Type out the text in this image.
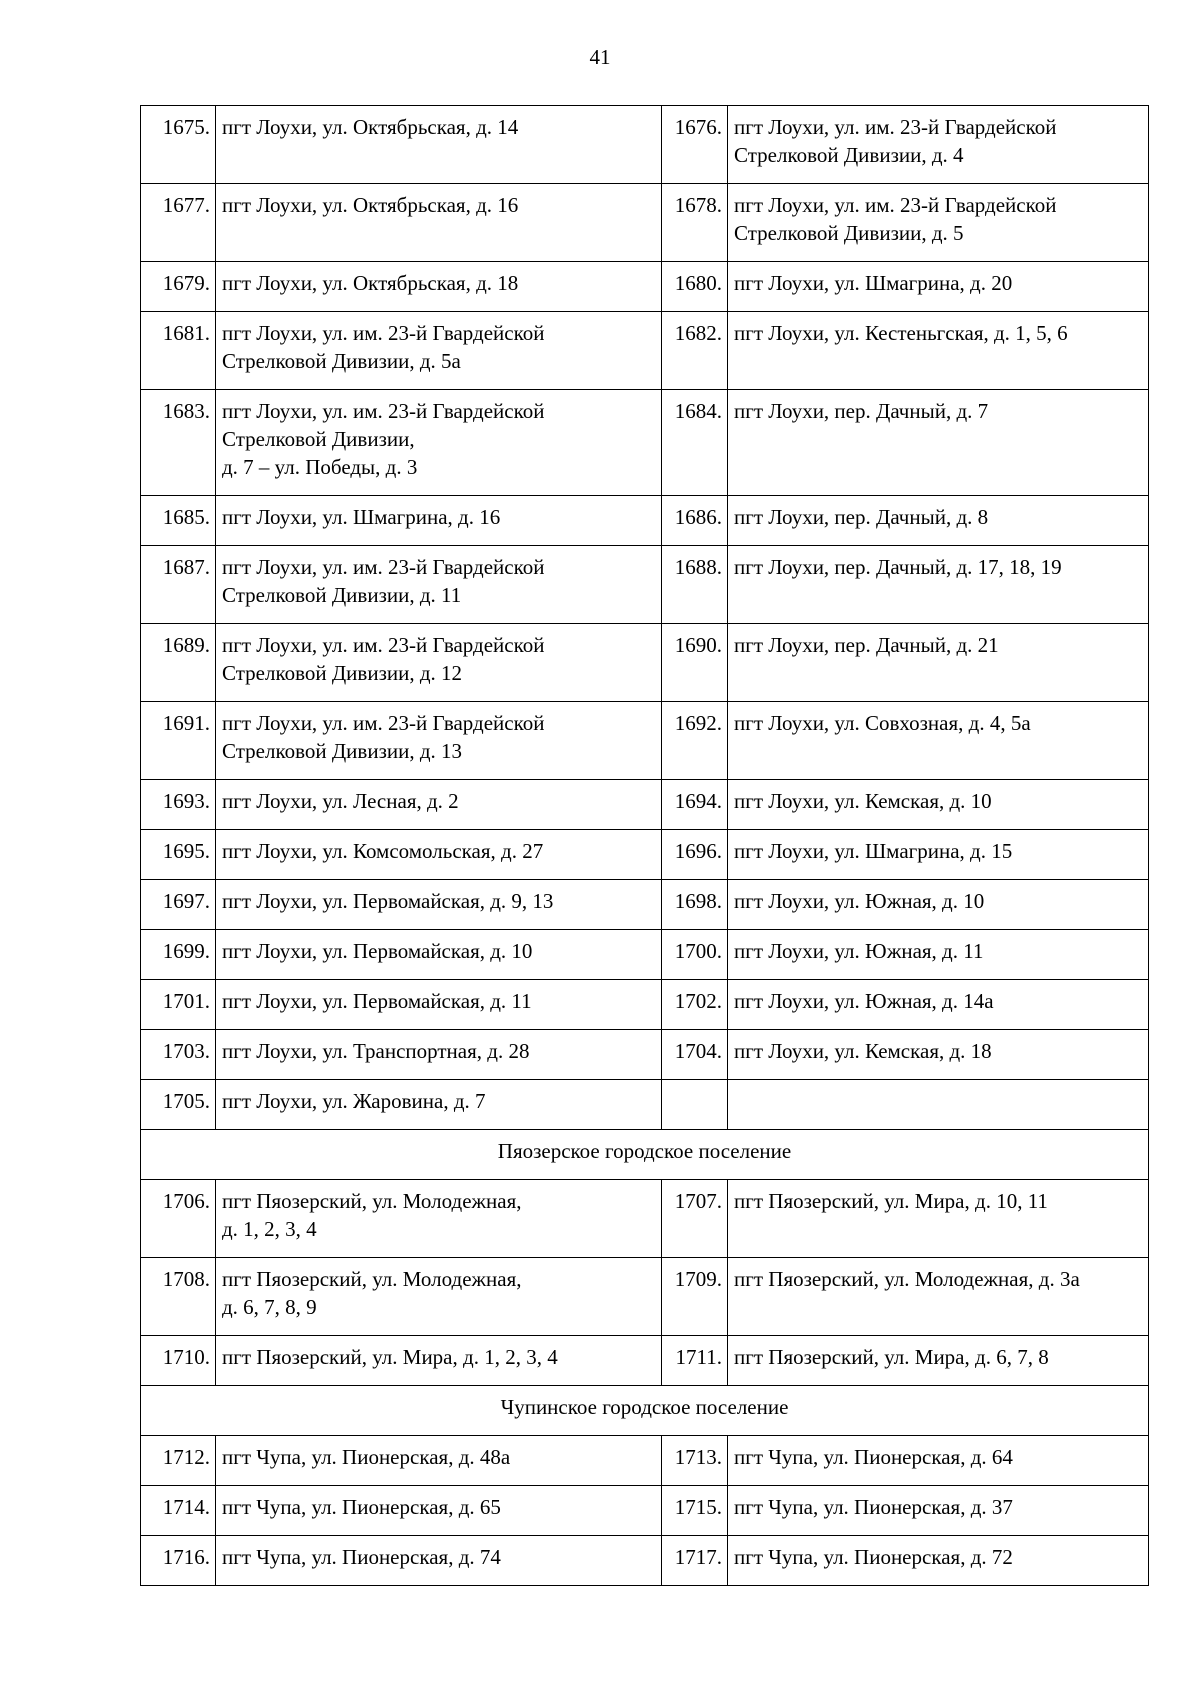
41
1675.	пгт Лоухи, ул. Октябрьская, д. 14	1676.	пгт Лоухи, ул. им. 23-й Гвардейской
Стрелковой Дивизии, д. 4
1677.	пгт Лоухи, ул. Октябрьская, д. 16	1678.	пгт Лоухи, ул. им. 23-й Гвардейской
Стрелковой Дивизии, д. 5
1679.	пгт Лоухи, ул. Октябрьская, д. 18	1680.	пгт Лоухи, ул. Шмагрина, д. 20
1681.	пгт Лоухи, ул. им. 23-й Гвардейской
Стрелковой Дивизии, д. 5а	1682.	пгт Лоухи, ул. Кестеньгская, д. 1, 5, 6
1683.	пгт Лоухи, ул. им. 23-й Гвардейской
Стрелковой Дивизии,
д. 7 – ул. Победы, д. 3	1684.	пгт Лоухи, пер. Дачный, д. 7
1685.	пгт Лоухи, ул. Шмагрина, д. 16	1686.	пгт Лоухи, пер. Дачный, д. 8
1687.	пгт Лоухи, ул. им. 23-й Гвардейской
Стрелковой Дивизии, д. 11	1688.	пгт Лоухи, пер. Дачный, д. 17, 18, 19
1689.	пгт Лоухи, ул. им. 23-й Гвардейской
Стрелковой Дивизии, д. 12	1690.	пгт Лоухи, пер. Дачный, д. 21
1691.	пгт Лоухи, ул. им. 23-й Гвардейской
Стрелковой Дивизии, д. 13	1692.	пгт Лоухи, ул. Совхозная, д. 4, 5а
1693.	пгт Лоухи, ул. Лесная, д. 2	1694.	пгт Лоухи, ул. Кемская, д. 10
1695.	пгт Лоухи, ул. Комсомольская, д. 27	1696.	пгт Лоухи, ул. Шмагрина, д. 15
1697.	пгт Лоухи, ул. Первомайская, д. 9, 13	1698.	пгт Лоухи, ул. Южная, д. 10
1699.	пгт Лоухи, ул. Первомайская, д. 10	1700.	пгт Лоухи, ул. Южная, д. 11
1701.	пгт Лоухи, ул. Первомайская, д. 11	1702.	пгт Лоухи, ул. Южная, д. 14а
1703.	пгт Лоухи, ул. Транспортная, д. 28	1704.	пгт Лоухи, ул. Кемская, д. 18
1705.	пгт Лоухи, ул. Жаровина, д. 7		
Пяозерское городское поселение			
1706.	пгт Пяозерский, ул. Молодежная,
д. 1, 2, 3, 4	1707.	пгт Пяозерский, ул. Мира, д. 10, 11
1708.	пгт Пяозерский, ул. Молодежная,
д. 6, 7, 8, 9	1709.	пгт Пяозерский, ул. Молодежная, д. 3а
1710.	пгт Пяозерский, ул. Мира, д. 1, 2, 3, 4	1711.	пгт Пяозерский, ул. Мира, д. 6, 7, 8
Чупинское городское поселение			
1712.	пгт Чупа, ул. Пионерская, д. 48а	1713.	пгт Чупа, ул. Пионерская, д. 64
1714.	пгт Чупа, ул. Пионерская, д. 65	1715.	пгт Чупа, ул. Пионерская, д. 37
1716.	пгт Чупа, ул. Пионерская, д. 74	1717.	пгт Чупа, ул. Пионерская, д. 72
